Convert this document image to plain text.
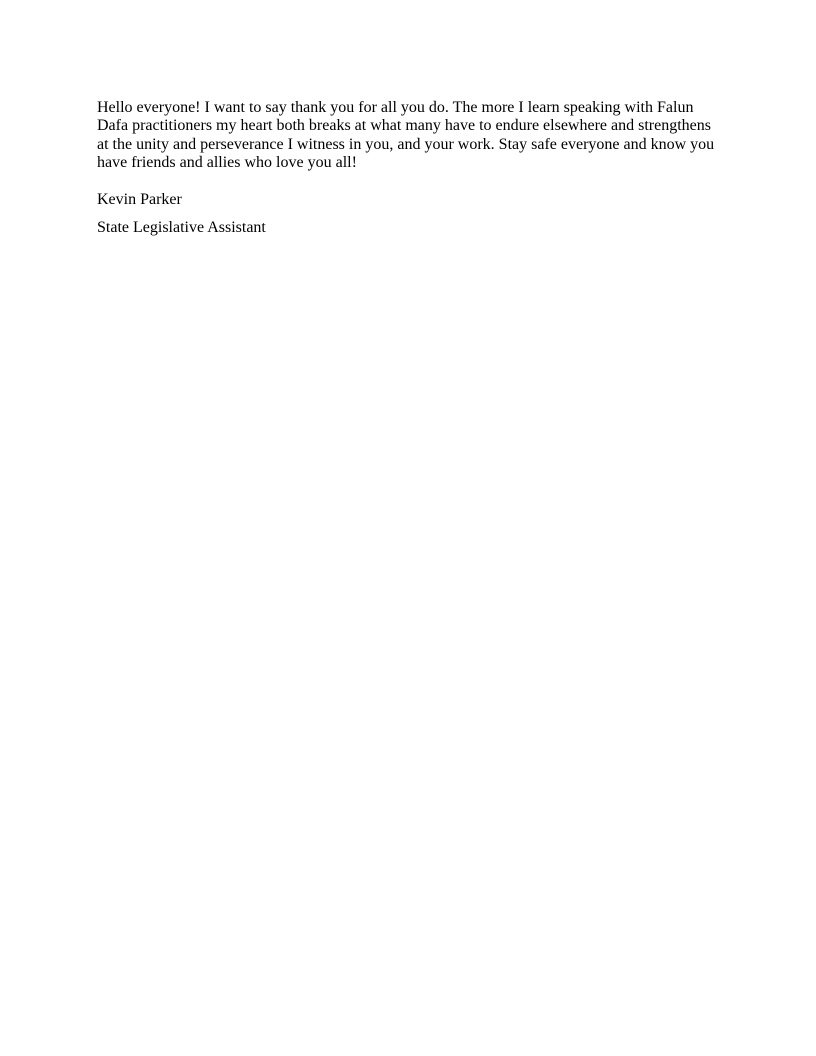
Hello everyone! I want to say thank you for all you do. The more I learn speaking with Falun
Dafa practitioners my heart both breaks at what many have to endure elsewhere and strengthens
at the unity and perseverance I witness in you, and your work. Stay safe everyone and know you
have friends and allies who love you all!

Kevin Parker

State Legislative Assistant
